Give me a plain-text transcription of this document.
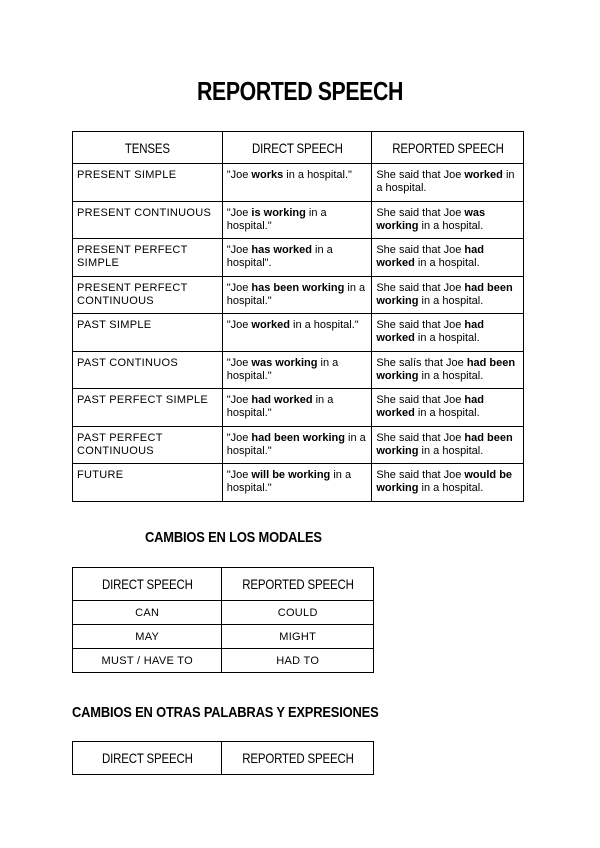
REPORTED SPEECH
TENSES	DIRECT SPEECH	REPORTED SPEECH
PRESENT SIMPLE	"Joe works in a hospital."	She said that Joe worked in a hospital.
PRESENT CONTINUOUS	"Joe is working in a hospital."	She said that Joe was working in a hospital.
PRESENT PERFECT SIMPLE	"Joe has worked in a hospital".	She said that Joe had worked in a hospital.
PRESENT PERFECT CONTINUOUS	"Joe has been working in a hospital."	She said that Joe had been working in a hospital.
PAST SIMPLE	"Joe worked in a hospital."	She said that Joe had worked in a hospital.
PAST CONTINUOS	"Joe was working in a hospital."	She salís that Joe had been working in a hospital.
PAST PERFECT SIMPLE	"Joe had worked in a hospital."	She said that Joe had worked in a hospital.
PAST PERFECT CONTINUOUS	"Joe had been working in a hospital."	She said that Joe had been working in a hospital.
FUTURE	"Joe will be working in a hospital."	She said that Joe would be working in a hospital.
CAMBIOS EN LOS MODALES
DIRECT SPEECH	REPORTED SPEECH
CAN	COULD
MAY	MIGHT
MUST / HAVE TO	HAD TO
CAMBIOS EN OTRAS PALABRAS Y EXPRESIONES
DIRECT SPEECH	REPORTED SPEECH
